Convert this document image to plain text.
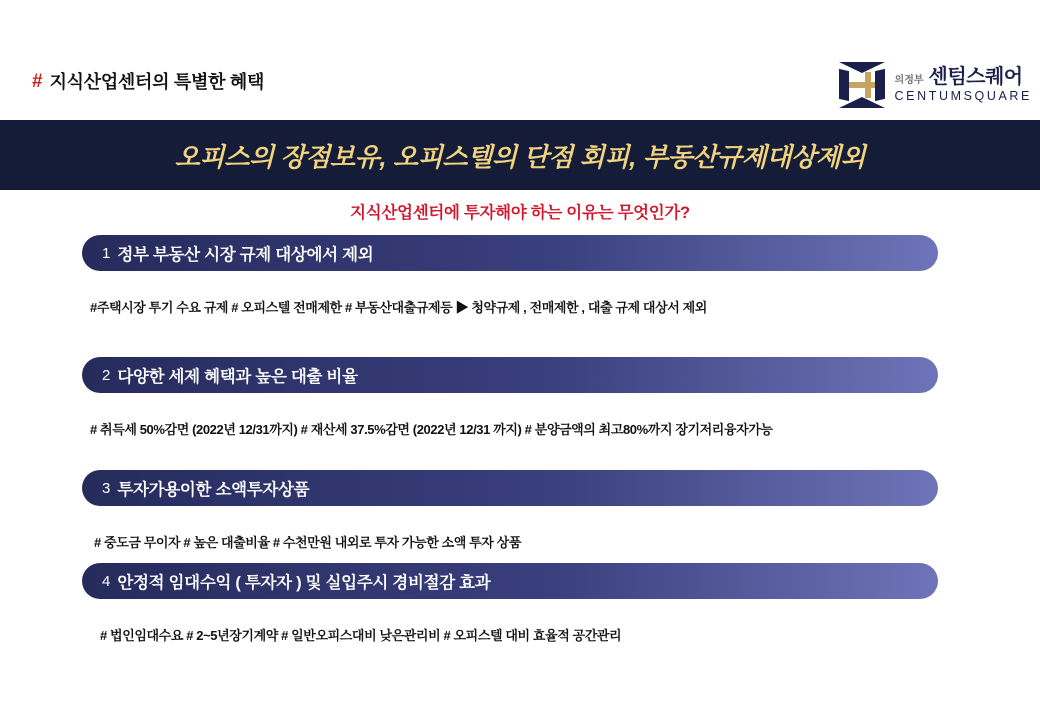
# 지식산업센터의 특별한 혜택	의정부 센텀스퀘어
CENTUMSQUARE
오피스의 장점보유, 오피스텔의 단점 회피, 부동산규제대상제외
지식산업센터에 투자해야 하는 이유는 무엇인가?
1 정부 부동산 시장 규제 대상에서 제외
#주택시장 투기 수요 규제 # 오피스텔 전매제한 # 부동산대출규제등 ▶ 청약규제 , 전매제한 , 대출 규제 대상서 제외
2 다양한 세제 혜택과 높은 대출 비율
# 취득세 50%감면 (2022년 12/31까지) # 재산세 37.5%감면 (2022년 12/31 까지) # 분양금액의 최고80%까지 장기저리융자가능
3 투자가용이한 소액투자상품
# 중도금 무이자 # 높은 대출비율 # 수천만원 내외로 투자 가능한 소액 투자 상품
4 안정적 임대수익 ( 투자자 ) 및 실입주시 경비절감 효과
# 법인임대수요 # 2~5년장기계약 # 일반오피스대비 낮은관리비 # 오피스텔 대비 효율적 공간관리
